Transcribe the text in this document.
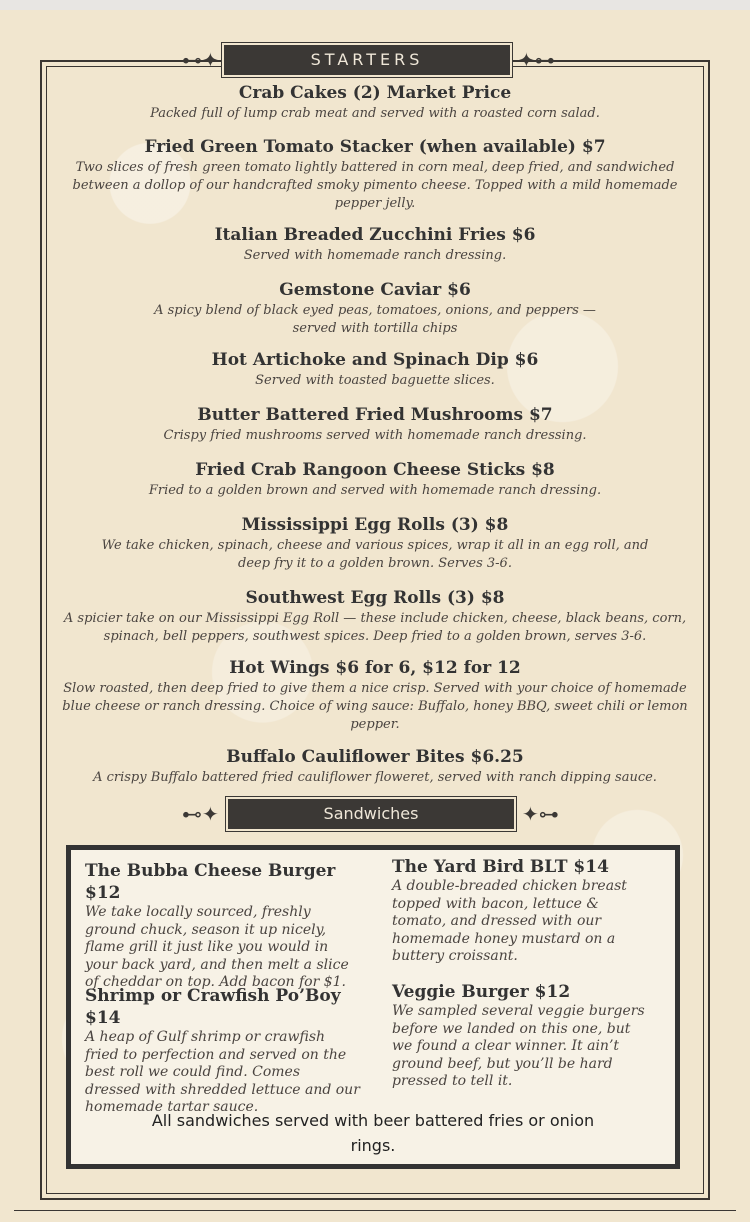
⊷✦	STARTERS	✦⊶
Crab Cakes (2) Market Price
Packed full of lump crab meat and served with a roasted corn salad.
Fried Green Tomato Stacker (when available) $7
Two slices of fresh green tomato lightly battered in corn meal, deep fried, and sandwiched between a dollop of our handcrafted smoky pimento cheese. Topped with a mild homemade pepper jelly.
Italian Breaded Zucchini Fries $6
Served with homemade ranch dressing.
Gemstone Caviar $6
A spicy blend of black eyed peas, tomatoes, onions, and peppers — served with tortilla chips
Hot Artichoke and Spinach Dip $6
Served with toasted baguette slices.
Butter Battered Fried Mushrooms $7
Crispy fried mushrooms served with homemade ranch dressing.
Fried Crab Rangoon Cheese Sticks $8
Fried to a golden brown and served with homemade ranch dressing.
Mississippi Egg Rolls (3) $8
We take chicken, spinach, cheese and various spices, wrap it all in an egg roll, and deep fry it to a golden brown. Serves 3-6.
Southwest Egg Rolls (3) $8
A spicier take on our Mississippi Egg Roll — these include chicken, cheese, black beans, corn, spinach, bell peppers, southwest spices. Deep fried to a golden brown, serves 3-6.
Hot Wings $6 for 6, $12 for 12
Slow roasted, then deep fried to give them a nice crisp. Served with your choice of homemade blue cheese or ranch dressing. Choice of wing sauce: Buffalo, honey BBQ, sweet chili or lemon pepper.
Buffalo Cauliflower Bites $6.25
A crispy Buffalo battered fried cauliflower floweret, served with ranch dipping sauce.
⊷✦	Sandwiches	✦⊶
The Bubba Cheese Burger $12
We take locally sourced, freshly ground chuck, season it up nicely, flame grill it just like you would in your back yard, and then melt a slice of cheddar on top. Add bacon for $1.
The Yard Bird BLT $14
A double-breaded chicken breast topped with bacon, lettuce & tomato, and dressed with our homemade honey mustard on a buttery croissant.
Shrimp or Crawfish Po’Boy $14
A heap of Gulf shrimp or crawfish fried to perfection and served on the best roll we could find. Comes dressed with shredded lettuce and our homemade tartar sauce.
Veggie Burger $12
We sampled several veggie burgers before we landed on this one, but we found a clear winner. It ain’t ground beef, but you’ll be hard pressed to tell it.
All sandwiches served with beer battered fries or onion rings.
